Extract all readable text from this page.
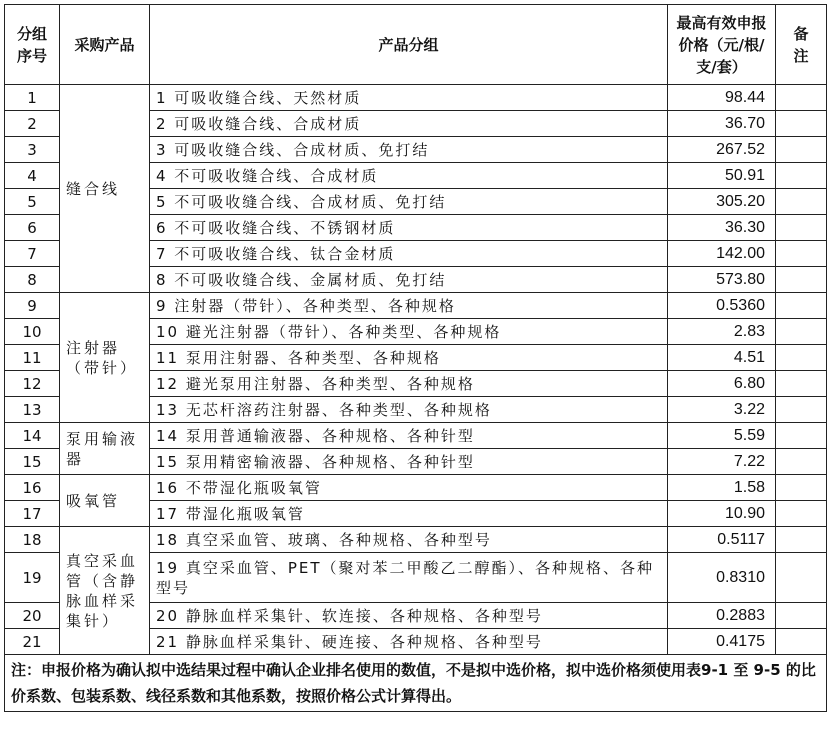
分组序号	采购产品	产品分组	最高有效申报价格（元/根/支/套）	备注
1	缝合线	1 可吸收缝合线、天然材质	98.44	
2		2 可吸收缝合线、合成材质	36.70	
3		3 可吸收缝合线、合成材质、免打结	267.52	
4		4 不可吸收缝合线、合成材质	50.91	
5		5 不可吸收缝合线、合成材质、免打结	305.20	
6		6 不可吸收缝合线、不锈钢材质	36.30	
7		7 不可吸收缝合线、钛合金材质	142.00	
8		8 不可吸收缝合线、金属材质、免打结	573.80	
9	注射器（带针）	9 注射器（带针）、各种类型、各种规格	0.5360	
10		10 避光注射器（带针）、各种类型、各种规格	2.83	
11		11 泵用注射器、各种类型、各种规格	4.51	
12		12 避光泵用注射器、各种类型、各种规格	6.80	
13		13 无芯杆溶药注射器、各种类型、各种规格	3.22	
14	泵用输液器	14 泵用普通输液器、各种规格、各种针型	5.59	
15		15 泵用精密输液器、各种规格、各种针型	7.22	
16	吸氧管	16 不带湿化瓶吸氧管	1.58	
17		17 带湿化瓶吸氧管	10.90	
18	真空采血管（含静脉血样采集针）	18 真空采血管、玻璃、各种规格、各种型号	0.5117	
19		19 真空采血管、PET（聚对苯二甲酸乙二醇酯）、各种规格、各种型号	0.8310	
20		20 静脉血样采集针、软连接、各种规格、各种型号	0.2883	
21		21 静脉血样采集针、硬连接、各种规格、各种型号	0.4175	
注：申报价格为确认拟中选结果过程中确认企业排名使用的数值，不是拟中选价格，拟中选价格须使用表9-1 至 9-5 的比价系数、包装系数、线径系数和其他系数，按照价格公式计算得出。				
